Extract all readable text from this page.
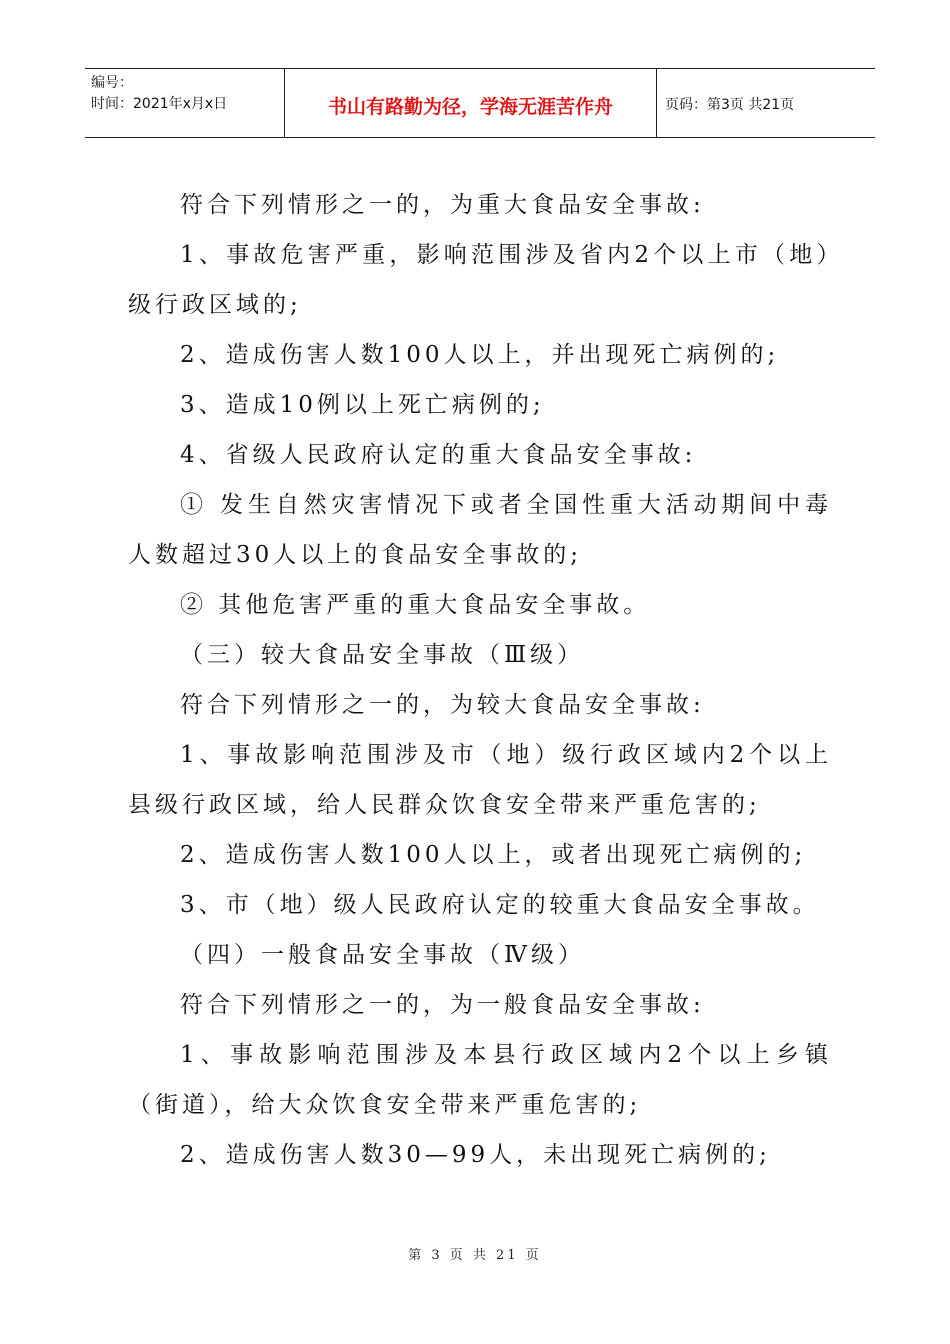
编号：
时间：2021年x月x日	书山有路勤为径，学海无涯苦作舟	页码：第3页 共21页

符合下列情形之一的，为重大食品安全事故:

1、事故危害严重，影响范围涉及省内2个以上市（地）级行政区域的;

2、造成伤害人数100人以上，并出现死亡病例的;

3、造成10例以上死亡病例的;

4、省级人民政府认定的重大食品安全事故:

① 发生自然灾害情况下或者全国性重大活动期间中毒人数超过30人以上的食品安全事故的;

② 其他危害严重的重大食品安全事故。

（三）较大食品安全事故（Ⅲ级）

符合下列情形之一的，为较大食品安全事故:

1、事故影响范围涉及市（地）级行政区域内2个以上县级行政区域，给人民群众饮食安全带来严重危害的;

2、造成伤害人数100人以上，或者出现死亡病例的;

3、市（地）级人民政府认定的较重大食品安全事故。

（四）一般食品安全事故（Ⅳ级）

符合下列情形之一的，为一般食品安全事故:

1、事故影响范围涉及本县行政区域内2个以上乡镇（街道），给大众饮食安全带来严重危害的;

2、造成伤害人数30—99人，未出现死亡病例的;

第 3 页 共 21 页
